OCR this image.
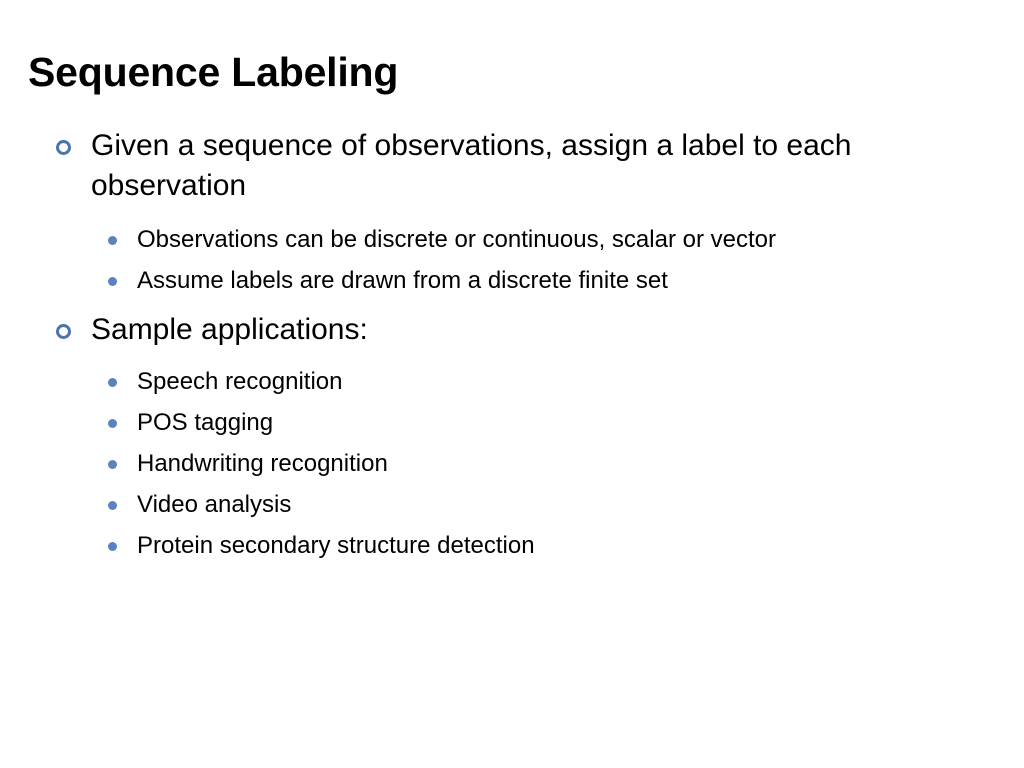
Sequence Labeling
Given a sequence of observations, assign a label to each observation
Observations can be discrete or continuous, scalar or vector
Assume labels are drawn from a discrete finite set
Sample applications:
Speech recognition
POS tagging
Handwriting recognition
Video analysis
Protein secondary structure detection
